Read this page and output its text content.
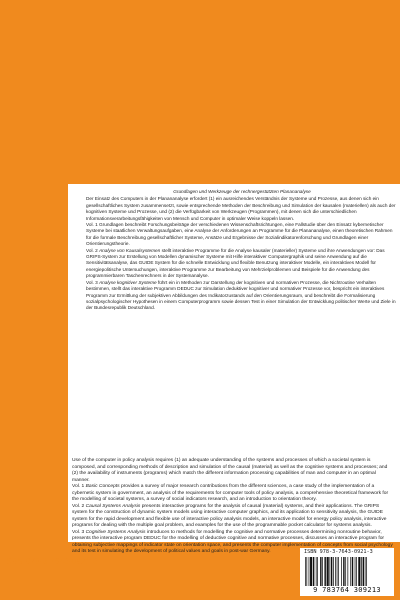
Grundlagen und Werkzeuge der rechnergestützten Planananalyse

Der Einsatz des Computers in der Planananalyse erfordert (1) ein ausreichendes Verständnis der Systeme und Prozesse, aus denen sich ein gesellschaftliches System zusammensetzt, sowie entsprechende Methoden der Beschreibung und Simulation der kausalen (materiellen) als auch der kognitiven Systeme und Prozesse, und (2) die Verfügbarkeit von Werkzeugen (Programmen), mit denen sich die unterschiedlichen Informationsverarbeitungsfähigkeiten von Mensch und Computer in optimaler Weise koppeln lassen.

Vol. 1 Grundlagen beschreibt Forschungsbeiträge der verschiedenen Wissenschaftsrichtungen, eine Fallstudie über den Einsatz kybernetischer Systeme bei staatlichen Verwaltungsaufgaben, eine Analyse der Anforderungen an Programme für die Planananalyse, einen theoretischen Rahmen für die formale Beschreibung gesellschaftlicher Systeme, Ansätze und Ergebnisse der Sozialindikatorenforschung und Grundlagen einer Orientierungstheorie.

Vol. 2 Analyse von Kausalsystemen stellt interaktive Programme für die Analyse kausaler (materieller) Systeme und ihre Anwendungen vor: Das GRIPS-System zur Erstellung von Modellen dynamischer Systeme mit Hilfe interaktiver Computergraphik und seine Anwendung auf die Sensitivitätsanalyse, das GUIDE System für die schnelle Entwicklung und flexible Benutzung interaktiver Modelle, ein interaktives Modell für energiepolitische Untersuchungen, interaktive Programme zur Bearbeitung von Mehrzielproblemen und Beispiele für die Anwendung des programmierbaren Taschenrechners in der Systemanalyse.

Vol. 3 Analyse kognitiver Systeme führt ein in Methoden zur Darstellung der kognitiven und normativen Prozesse, die Nichtroutine Verhalten bestimmen, stellt das interaktive Programm DEDUC zur Simulation deduktiver kognitiver und normativer Prozesse vor, bespricht ein interaktives Programm zur Ermittlung der subjektiven Abbildungen des Indikatorzustands auf den Orientierungsraum, und beschreibt die Formalisierung sozialpsychologischer Hypothesen in einem Computerprogramm sowie dessen Test in einer Simulation der Entwicklung politischer Werte und Ziele in der Bundesrepublik Deutschland.

Use of the computer in policy analysis requires (1) an adequate understanding of the systems and processes of which a societal system is composed, and corresponding methods of description and simulation of the causal (material) as well as the cognitive systems and processes; and (2) the availability of instruments (programs) which match the different information processing capabilities of man and computer in an optimal manner.

Vol. 1 Basic Concepts provides a survey of major research contributions from the different sciences, a case study of the implementation of a cybernetic system in government, an analysis of the requirements for computer tools of policy analysis, a comprehensive theoretical framework for the modelling of societal systems, a survey of social indicators research, and an introduction to orientation theory.

Vol. 2 Causal Systems Analysis presents interactive programs for the analysis of causal (material) systems, and their applications. The GRIPS system for the construction of dynamic system models using interactive computer graphics, and its application to sensitivity analysis, the GUIDE system for the rapid development and flexible use of interactive policy analysis models, an interactive model for energy policy analysis, interactive programs for dealing with the multiple goal problem, and examples for the use of the programmable pocket calculator for systems analysis.

Vol. 3 Cognitive Systems Analysis introduces to methods for modelling the cognitive and normative processes determining nonroutine behavior, presents the interactive program DEDUC for the modelling of deductive cognitive and normative processes, discusses an interactive program for obtaining subjective mappings of indicator state on orientation space, and presents the computer implementation of concepts from social psychology and its test in simulating the development of political values and goals in post-war Germany.	ISBN 978-3-7643-0921-3
9 783764 309213
ISBN 978-3-7643-0921-3
